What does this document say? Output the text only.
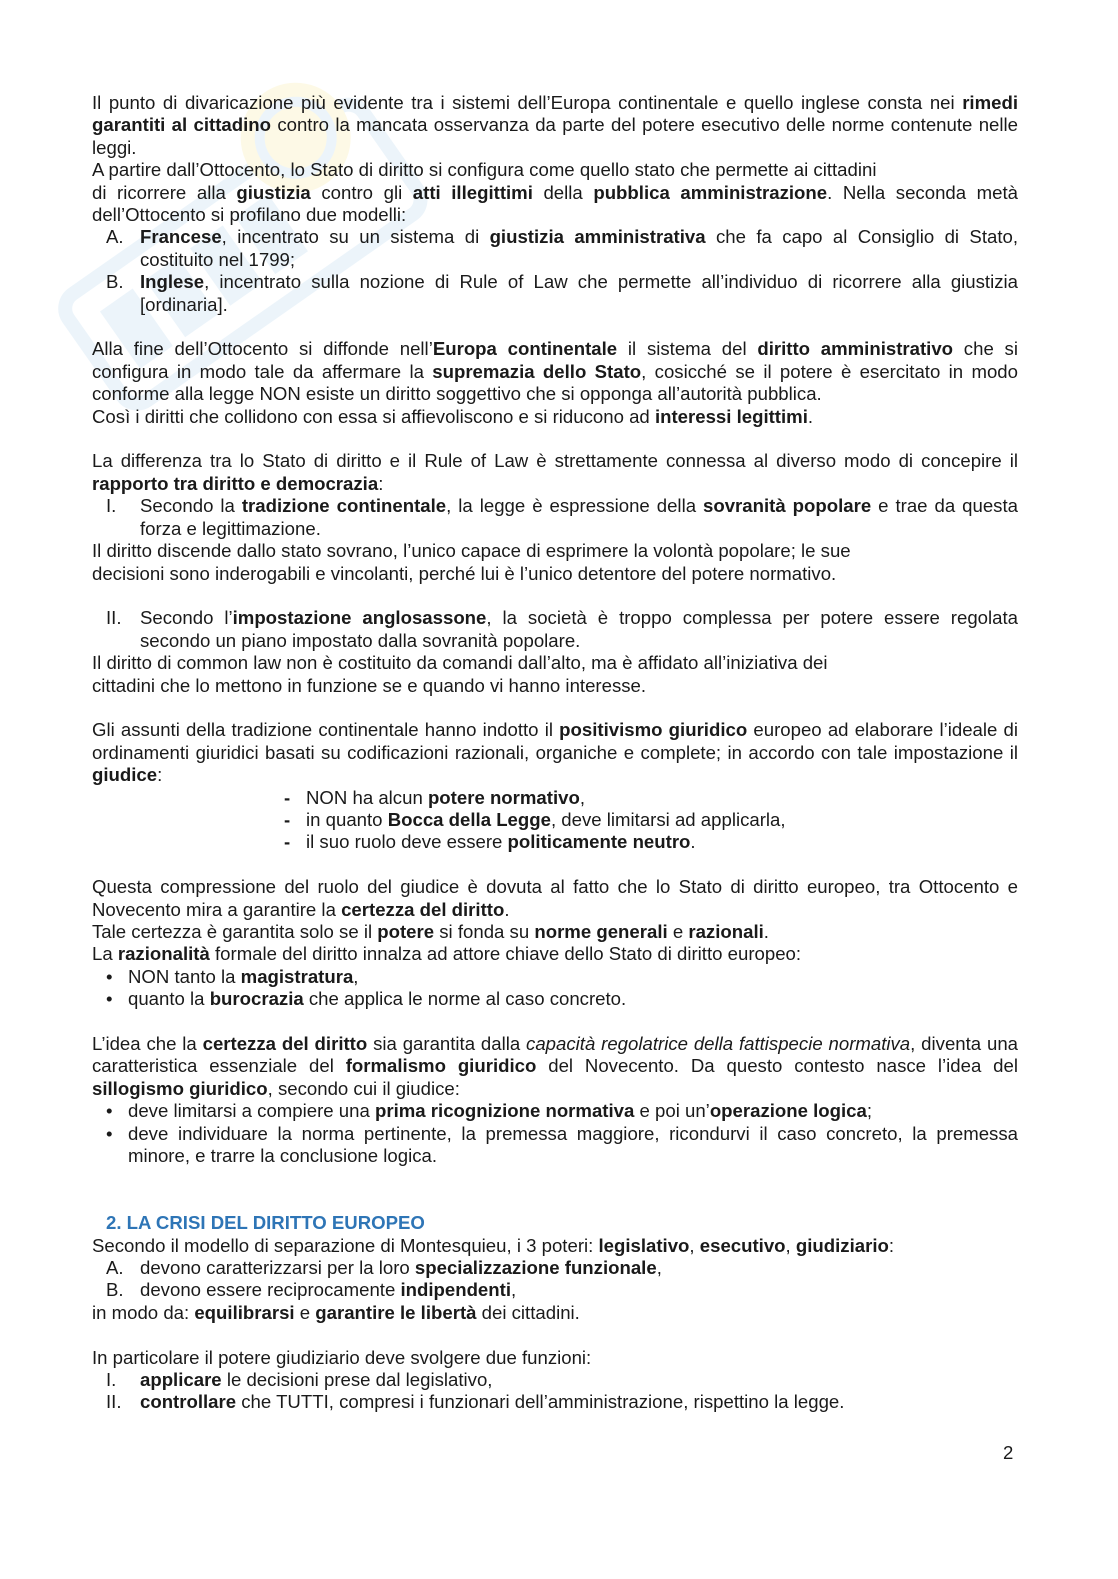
Il punto di divaricazione più evidente tra i sistemi dell’Europa continentale e quello inglese consta nei rimedi garantiti al cittadino contro la mancata osservanza da parte del potere esecutivo delle norme contenute nelle leggi.

A partire dall’Ottocento, lo Stato di diritto si configura come quello stato che permette ai cittadini

di ricorrere alla giustizia contro gli atti illegittimi della pubblica amministrazione. Nella seconda metà dell’Ottocento si profilano due modelli:

A. Francese, incentrato su un sistema di giustizia amministrativa che fa capo al Consiglio di Stato, costituito nel 1799;
B. Inglese, incentrato sulla nozione di Rule of Law che permette all’individuo di ricorrere alla giustizia [ordinaria].

Alla fine dell’Ottocento si diffonde nell’Europa continentale il sistema del diritto amministrativo che si configura in modo tale da affermare la supremazia dello Stato, cosicché se il potere è esercitato in modo conforme alla legge NON esiste un diritto soggettivo che si opponga all’autorità pubblica.

Così i diritti che collidono con essa si affievoliscono e si riducono ad interessi legittimi.

La differenza tra lo Stato di diritto e il Rule of Law è strettamente connessa al diverso modo di concepire il rapporto tra diritto e democrazia:

I.	Secondo la tradizione continentale, la legge è espressione della sovranità popolare e trae da questa forza e legittimazione.

Il diritto discende dallo stato sovrano, l’unico capace di esprimere la volontà popolare; le sue

decisioni sono inderogabili e vincolanti, perché lui è l’unico detentore del potere normativo.

II. Secondo l’impostazione anglosassone, la società è troppo complessa per potere essere regolata secondo un piano impostato dalla sovranità popolare.

Il diritto di common law non è costituito da comandi dall’alto, ma è affidato all’iniziativa dei

cittadini che lo mettono in funzione se e quando vi hanno interesse.

Gli assunti della tradizione continentale hanno indotto il positivismo giuridico europeo ad elaborare l’ideale di ordinamenti giuridici basati su codificazioni razionali, organiche e complete; in accordo con tale impostazione il giudice:

- NON ha alcun potere normativo,
- in quanto Bocca della Legge, deve limitarsi ad applicarla,
- il suo ruolo deve essere politicamente neutro.

Questa compressione del ruolo del giudice è dovuta al fatto che lo Stato di diritto europeo, tra Ottocento e Novecento mira a garantire la certezza del diritto.

Tale certezza è garantita solo se il potere si fonda su norme generali e razionali.

La razionalità formale del diritto innalza ad attore chiave dello Stato di diritto europeo:

• NON tanto la magistratura,
• quanto la burocrazia che applica le norme al caso concreto.

L’idea che la certezza del diritto sia garantita dalla capacità regolatrice della fattispecie normativa, diventa una caratteristica essenziale del formalismo giuridico del Novecento. Da questo contesto nasce l’idea del sillogismo giuridico, secondo cui il giudice:

• deve limitarsi a compiere una prima ricognizione normativa e poi un’operazione logica;
• deve individuare la norma pertinente, la premessa maggiore, ricondurvi il caso concreto, la premessa minore, e trarre la conclusione logica.
2. LA CRISI DEL DIRITTO EUROPEO

Secondo il modello di separazione di Montesquieu, i 3 poteri: legislativo, esecutivo, giudiziario:

A. devono caratterizzarsi per la loro specializzazione funzionale,
B. devono essere reciprocamente indipendenti,

in modo da: equilibrarsi e garantire le libertà dei cittadini.

In particolare il potere giudiziario deve svolgere due funzioni:

I.	applicare le decisioni prese dal legislativo,
II. controllare che TUTTI, compresi i funzionari dell’amministrazione, rispettino la legge.
2
